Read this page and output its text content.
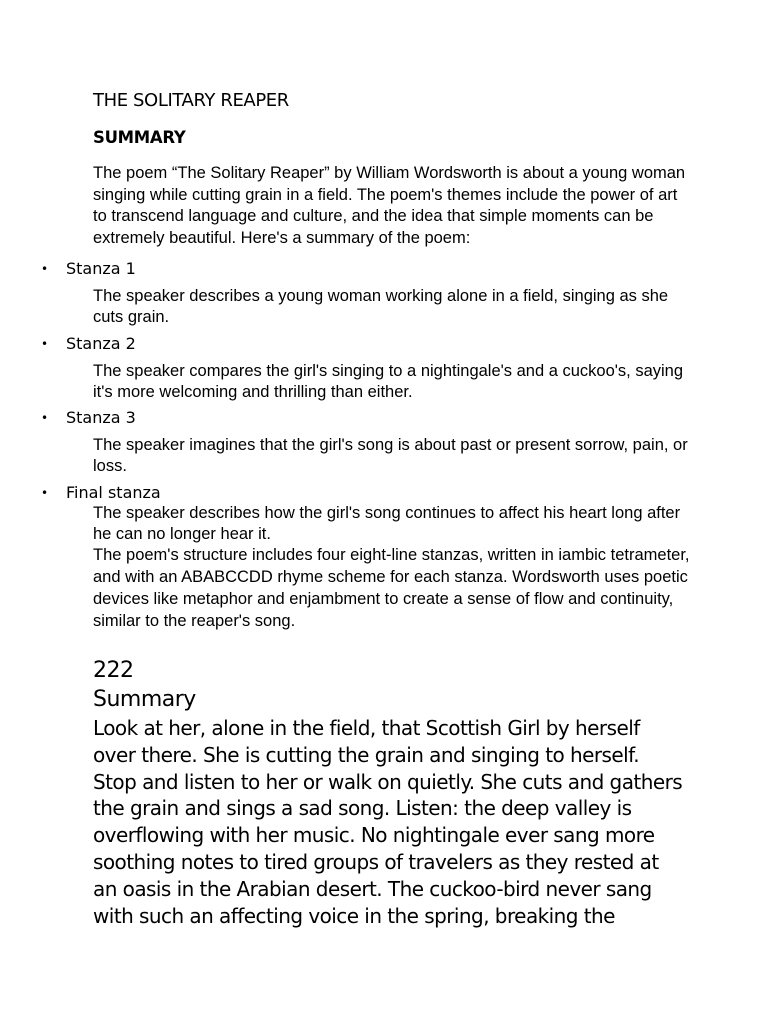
THE SOLITARY REAPER
SUMMARY

The poem “The Solitary Reaper” by William Wordsworth is about a young woman singing while cutting grain in a field. The poem's themes include the power of art to transcend language and culture, and the idea that simple moments can be extremely beautiful. Here's a summary of the poem:

• Stanza 1

The speaker describes a young woman working alone in a field, singing as she cuts grain.

• Stanza 2

The speaker compares the girl's singing to a nightingale's and a cuckoo's, saying it's more welcoming and thrilling than either.

• Stanza 3

The speaker imagines that the girl's song is about past or present sorrow, pain, or loss.

• Final stanza

The speaker describes how the girl's song continues to affect his heart long after he can no longer hear it.

The poem's structure includes four eight-line stanzas, written in iambic tetrameter, and with an ABABCCDD rhyme scheme for each stanza. Wordsworth uses poetic devices like metaphor and enjambment to create a sense of flow and continuity, similar to the reaper's song.

222
Summary

Look at her, alone in the field, that Scottish Girl by herself over there. She is cutting the grain and singing to herself. Stop and listen to her or walk on quietly. She cuts and gathers the grain and sings a sad song. Listen: the deep valley is overflowing with her music. No nightingale ever sang more soothing notes to tired groups of travelers as they rested at an oasis in the Arabian desert. The cuckoo-bird never sang with such an affecting voice in the spring, breaking the
